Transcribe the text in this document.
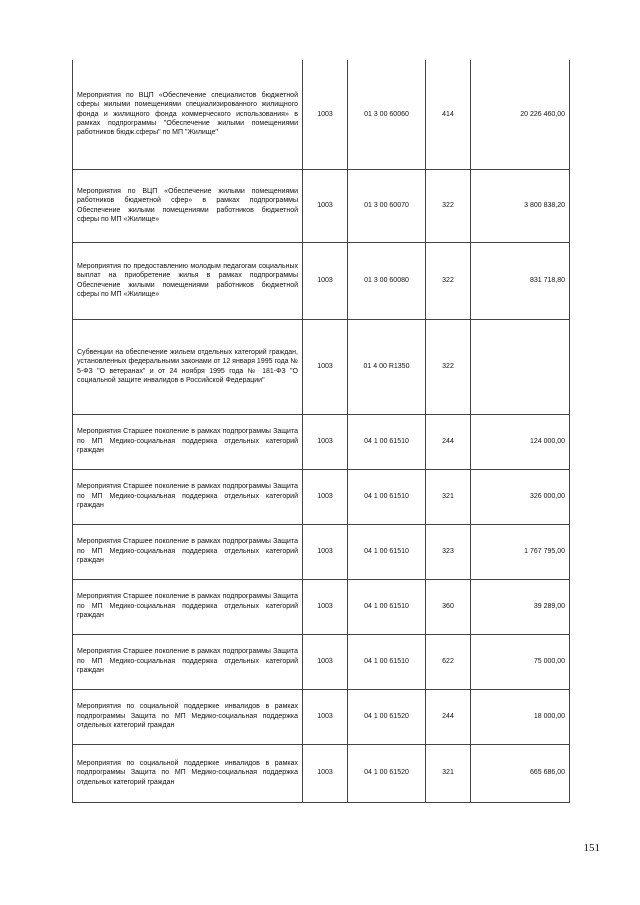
Мероприятия по ВЦП «Обеспечение специалистов бюджетной сферы жилыми помещениями специализированного жилищного фонда и жилищного фонда коммерческого использования» в рамках подпрограммы "Обеспечение жилыми помещениями работников бюдж.сферы" по МП "Жилище"	1003	01 3 00 60060	414	20 226 460,00
Мероприятия по ВЦП «Обеспечение жилыми помещениями работников бюджетной сфер» в рамках подпрограммы Обеспечение жилыми помещениями работников бюджетной сферы по МП «Жилище»	1003	01 3 00 60070	322	3 800 838,20
Мероприятия по предоставлению молодым педагогам социальных выплат на приобретение жилья в рамках подпрограммы Обеспечение жилыми помещениями работников бюджетной сферы по МП «Жилище»	1003	01 3 00 60080	322	831 718,80
Субвенции на обеспечение жильем отдельных категорий граждан, установленных федеральными законами от 12 января 1995 года № 5-ФЗ "О ветеранах" и от 24 ноября 1995 года № 181-ФЗ "О социальной защите инвалидов в Российской Федерации"	1003	01 4 00 R1350	322	
Мероприятия Старшее поколение в рамках подпрограммы Защита по МП Медико-социальная поддержка отдельных категорий граждан	1003	04 1 00 61510	244	124 000,00
Мероприятия Старшее поколение в рамках подпрограммы Защита по МП Медико-социальная поддержка отдельных категорий граждан	1003	04 1 00 61510	321	326 000,00
Мероприятия Старшее поколение в рамках подпрограммы Защита по МП Медико-социальная поддержка отдельных категорий граждан	1003	04 1 00 61510	323	1 767 795,00
Мероприятия Старшее поколение в рамках подпрограммы Защита по МП Медико-социальная поддержка отдельных категорий граждан	1003	04 1 00 61510	360	39 289,00
Мероприятия Старшее поколение в рамках подпрограммы Защита по МП Медико-социальная поддержка отдельных категорий граждан	1003	04 1 00 61510	622	75 000,00
Мероприятия по социальной поддержке инвалидов в рамках подпрограммы Защита по МП Медико-социальная поддержка отдельных категорий граждан	1003	04 1 00 61520	244	18 000,00
Мероприятия по социальной поддержке инвалидов в рамках подпрограммы Защита по МП Медико-социальная поддержка отдельных категорий граждан	1003	04 1 00 61520	321	665 686,00
151
